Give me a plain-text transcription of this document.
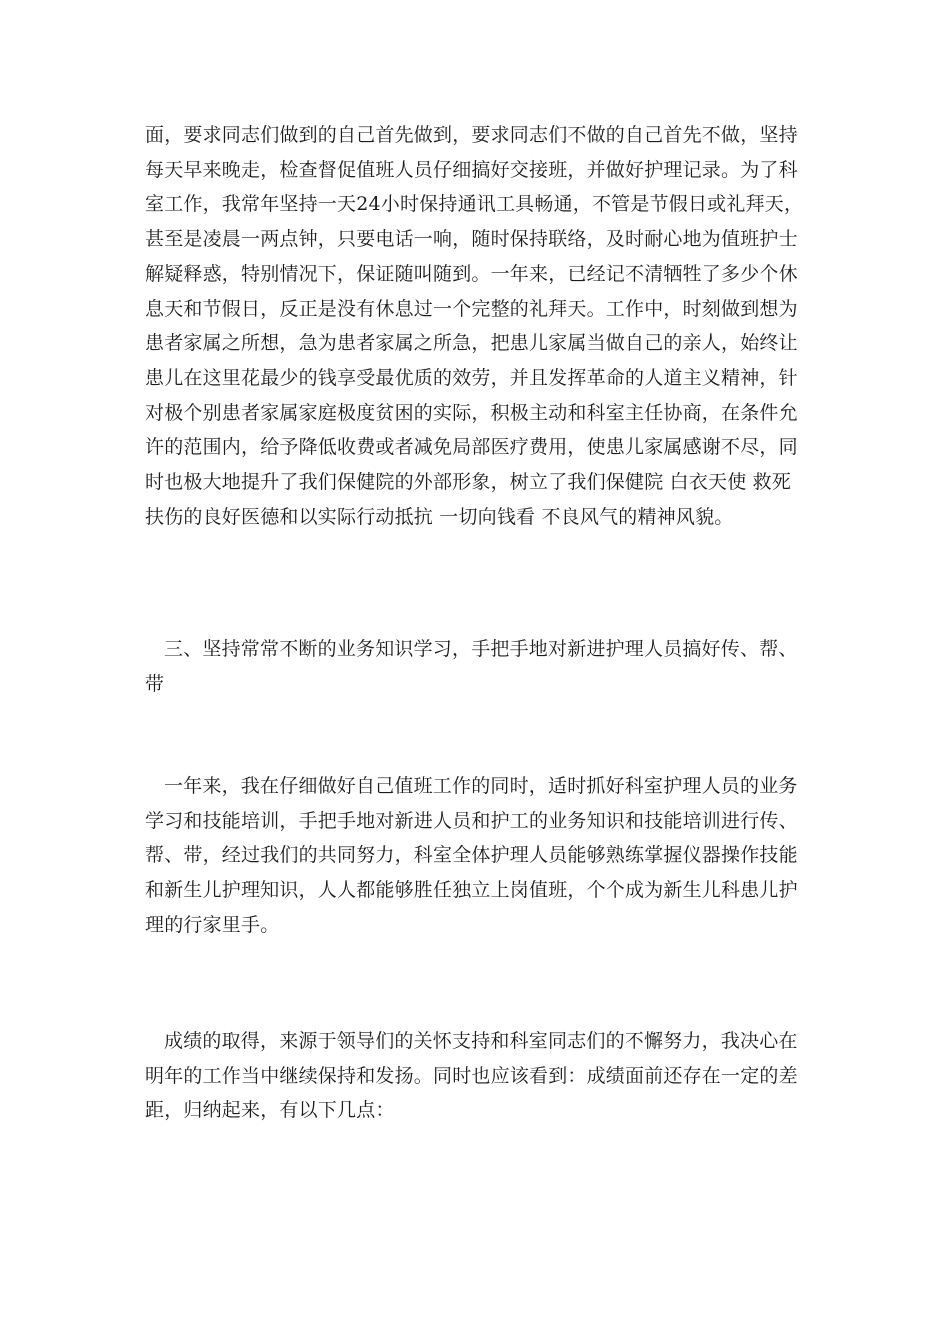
面，要求同志们做到的自己首先做到，要求同志们不做的自己首先不做，坚持每天早来晚走，检查督促值班人员仔细搞好交接班，并做好护理记录。为了科室工作，我常年坚持一天24小时保持通讯工具畅通，不管是节假日或礼拜天，甚至是凌晨一两点钟，只要电话一响，随时保持联络，及时耐心地为值班护士解疑释惑，特别情况下，保证随叫随到。一年来，已经记不清牺牲了多少个休息天和节假日，反正是没有休息过一个完整的礼拜天。工作中，时刻做到想为患者家属之所想，急为患者家属之所急，把患儿家属当做自己的亲人，始终让患儿在这里花最少的钱享受最优质的效劳，并且发挥革命的人道主义精神，针对极个别患者家属家庭极度贫困的实际，积极主动和科室主任协商，在条件允许的范围内，给予降低收费或者减免局部医疗费用，使患儿家属感谢不尽，同时也极大地提升了我们保健院的外部形象，树立了我们保健院 白衣天使 救死扶伤的良好医德和以实际行动抵抗 一切向钱看 不良风气的精神风貌。

三、坚持常常不断的业务知识学习，手把手地对新进护理人员搞好传、帮、带

一年来，我在仔细做好自己值班工作的同时，适时抓好科室护理人员的业务学习和技能培训，手把手地对新进人员和护工的业务知识和技能培训进行传、帮、带，经过我们的共同努力，科室全体护理人员能够熟练掌握仪器操作技能和新生儿护理知识，人人都能够胜任独立上岗值班，个个成为新生儿科患儿护理的行家里手。

成绩的取得，来源于领导们的关怀支持和科室同志们的不懈努力，我决心在明年的工作当中继续保持和发扬。同时也应该看到：成绩面前还存在一定的差距，归纳起来，有以下几点：
